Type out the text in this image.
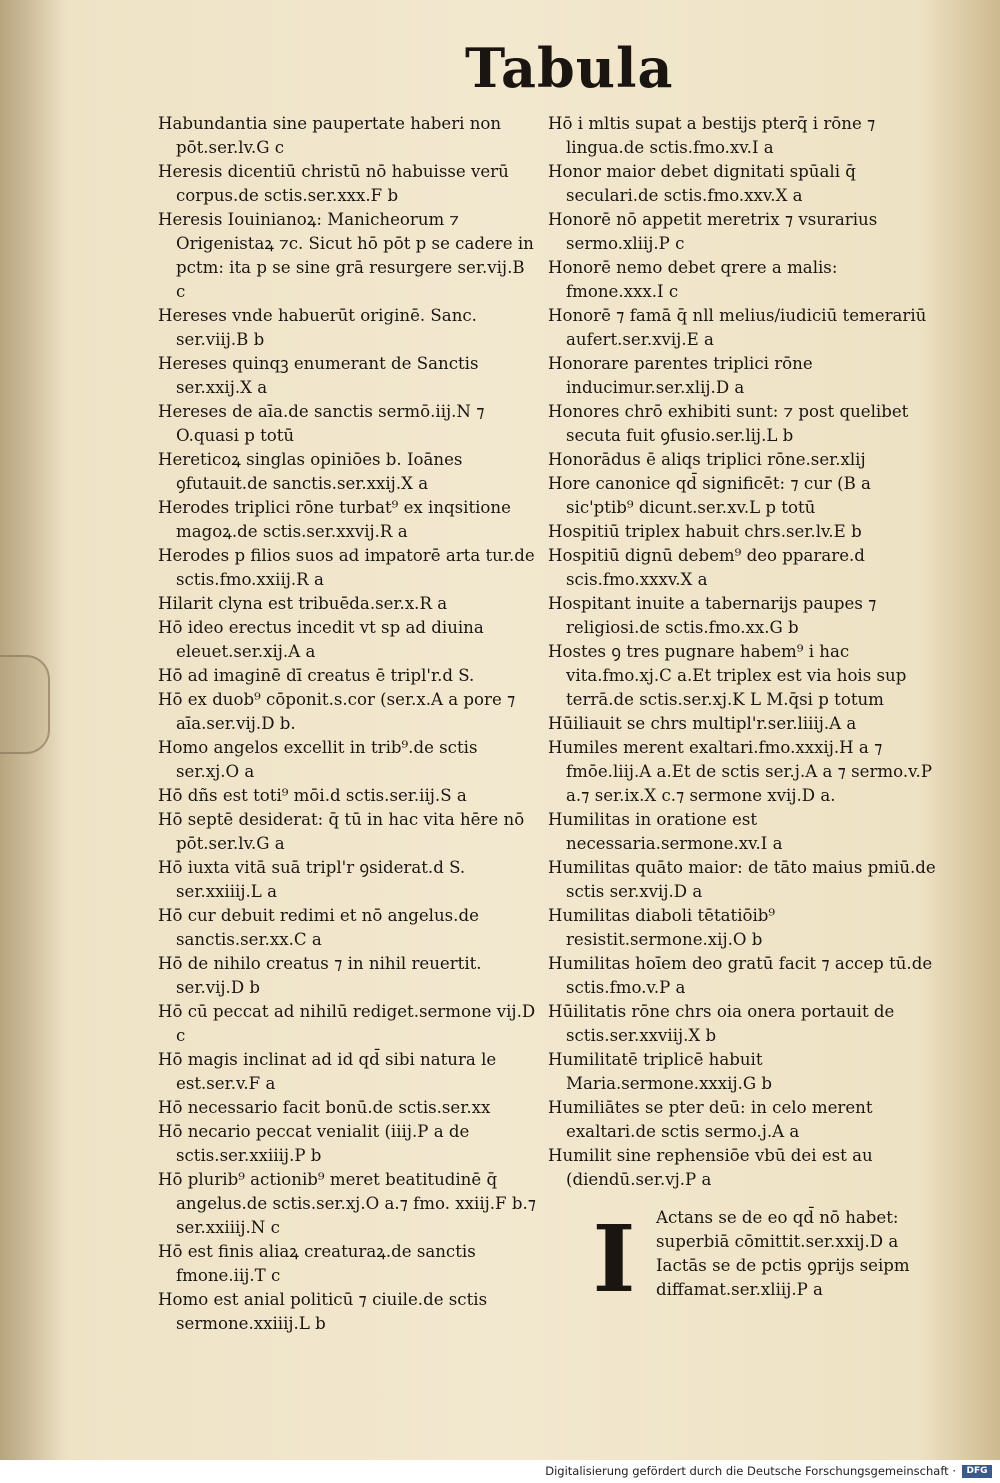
Tabula

Habundantia sine paupertate haberi non pōt.ser.lv.G c

Heresis dicentiū christū nō habuisse verū corpus.de sctis.ser.xxx.F b

Heresis Iouinianoꝝ: Manicheorum ⁊ Origenistaꝝ ⁊c. Sicut hō pōt p se cadere in pctm: ita p se sine grā resurgere ser.vij.B c

Hereses vnde habuerūt originē. Sanc. ser.viij.B b

Hereses quinqꝫ enumerant de Sanctis ser.xxij.X a

Hereses de aīa.de sanctis sermō.iij.N ⁊ O.quasi p totū

Hereticoꝝ singlas opiniōes b. Ioānes ꝯfutauit.de sanctis.ser.xxij.X a

Herodes triplici rōne turbat⁹ ex inqsitione magoꝝ.de sctis.ser.xxvij.R a

Herodes p filios suos ad impatorē arta tur.de sctis.fmo.xxiij.R a

Hilarit clyna est tribuēda.ser.x.R a

Hō ideo erectus incedit vt sp ad diuina eleuet.ser.xij.A a

Hō ad imaginē dī creatus ē tripl'r.d S.

Hō ex duob⁹ cōponit.s.cor (ser.x.A a pore ⁊ aīa.ser.vij.D b.

Homo angelos excellit in trib⁹.de sctis ser.xj.O a

Hō dñs est toti⁹ mōi.d sctis.ser.iij.S a

Hō septē desiderat: q̄ tū in hac vita hēre nō pōt.ser.lv.G a

Hō iuxta vitā suā tripl'r ꝯsiderat.d S. ser.xxiiij.L a

Hō cur debuit redimi et nō angelus.de sanctis.ser.xx.C a

Hō de nihilo creatus ⁊ in nihil reuertit. ser.vij.D b

Hō cū peccat ad nihilū rediget.sermone vij.D c

Hō magis inclinat ad id qd̄ sibi natura le est.ser.v.F a

Hō necessario facit bonū.de sctis.ser.xx

Hō necario peccat venialit (iiij.P a de sctis.ser.xxiiij.P b

Hō plurib⁹ actionib⁹ meret beatitudinē q̄ angelus.de sctis.ser.xj.O a.⁊ fmo. xxiij.F b.⁊ ser.xxiiij.N c

Hō est finis aliaꝝ creaturaꝝ.de sanctis fmone.iij.T c

Homo est anial politicū ⁊ ciuile.de sctis sermone.xxiiij.L b

Hō i mltis supat a bestijs pterq̄ i rōne ⁊ lingua.de sctis.fmo.xv.I a

Honor maior debet dignitati spūali q̄ seculari.de sctis.fmo.xxv.X a

Honorē nō appetit meretrix ⁊ vsurarius sermo.xliij.P c

Honorē nemo debet qrere a malis: fmone.xxx.I c

Honorē ⁊ famā q̄ nll melius/iudiciū temerariū aufert.ser.xvij.E a

Honorare parentes triplici rōne inducimur.ser.xlij.D a

Honores chrō exhibiti sunt: ⁊ post quelibet secuta fuit ꝯfusio.ser.lij.L b

Honorādus ē aliqs triplici rōne.ser.xlij

Hore canonice qd̄ significēt: ⁊ cur (B a sic'ptib⁹ dicunt.ser.xv.L p totū

Hospitiū triplex habuit chrs.ser.lv.E b

Hospitiū dignū debem⁹ deo pparare.d scis.fmo.xxxv.X a

Hospitant inuite a tabernarijs paupes ⁊ religiosi.de sctis.fmo.xx.G b

Hostes ꝯ tres pugnare habem⁹ i hac vita.fmo.xj.C a.Et triplex est via hois sup terrā.de sctis.ser.xj.K L M.q̄si p totum

Hūiliauit se chrs multipl'r.ser.liiij.A a

Humiles merent exaltari.fmo.xxxij.H a ⁊ fmōe.liij.A a.Et de sctis ser.j.A a ⁊ sermo.v.P a.⁊ ser.ix.X c.⁊ sermone xvij.D a.

Humilitas in oratione est necessaria.sermone.xv.I a

Humilitas quāto maior: de tāto maius pmiū.de sctis ser.xvij.D a

Humilitas diaboli tētatiōib⁹ resistit.sermone.xij.O b

Humilitas hoīem deo gratū facit ⁊ accep tū.de sctis.fmo.v.P a

Hūilitatis rōne chrs oia onera portauit de sctis.ser.xxviij.X b

Humilitatē triplicē habuit Maria.sermone.xxxij.G b

Humiliātes se pter deū: in celo merent exaltari.de sctis sermo.j.A a

Humilit sine rephensiōe vbū dei est au (diendū.ser.vj.P a

I	Actans se de eo qd̄ nō habet: superbiā cōmittit.ser.xxij.D a

Iactās se de pctis ꝯprijs seipm diffamat.ser.xliij.P a

Digitalisierung gefördert durch die Deutsche Forschungsgemeinschaft ·	DFG
